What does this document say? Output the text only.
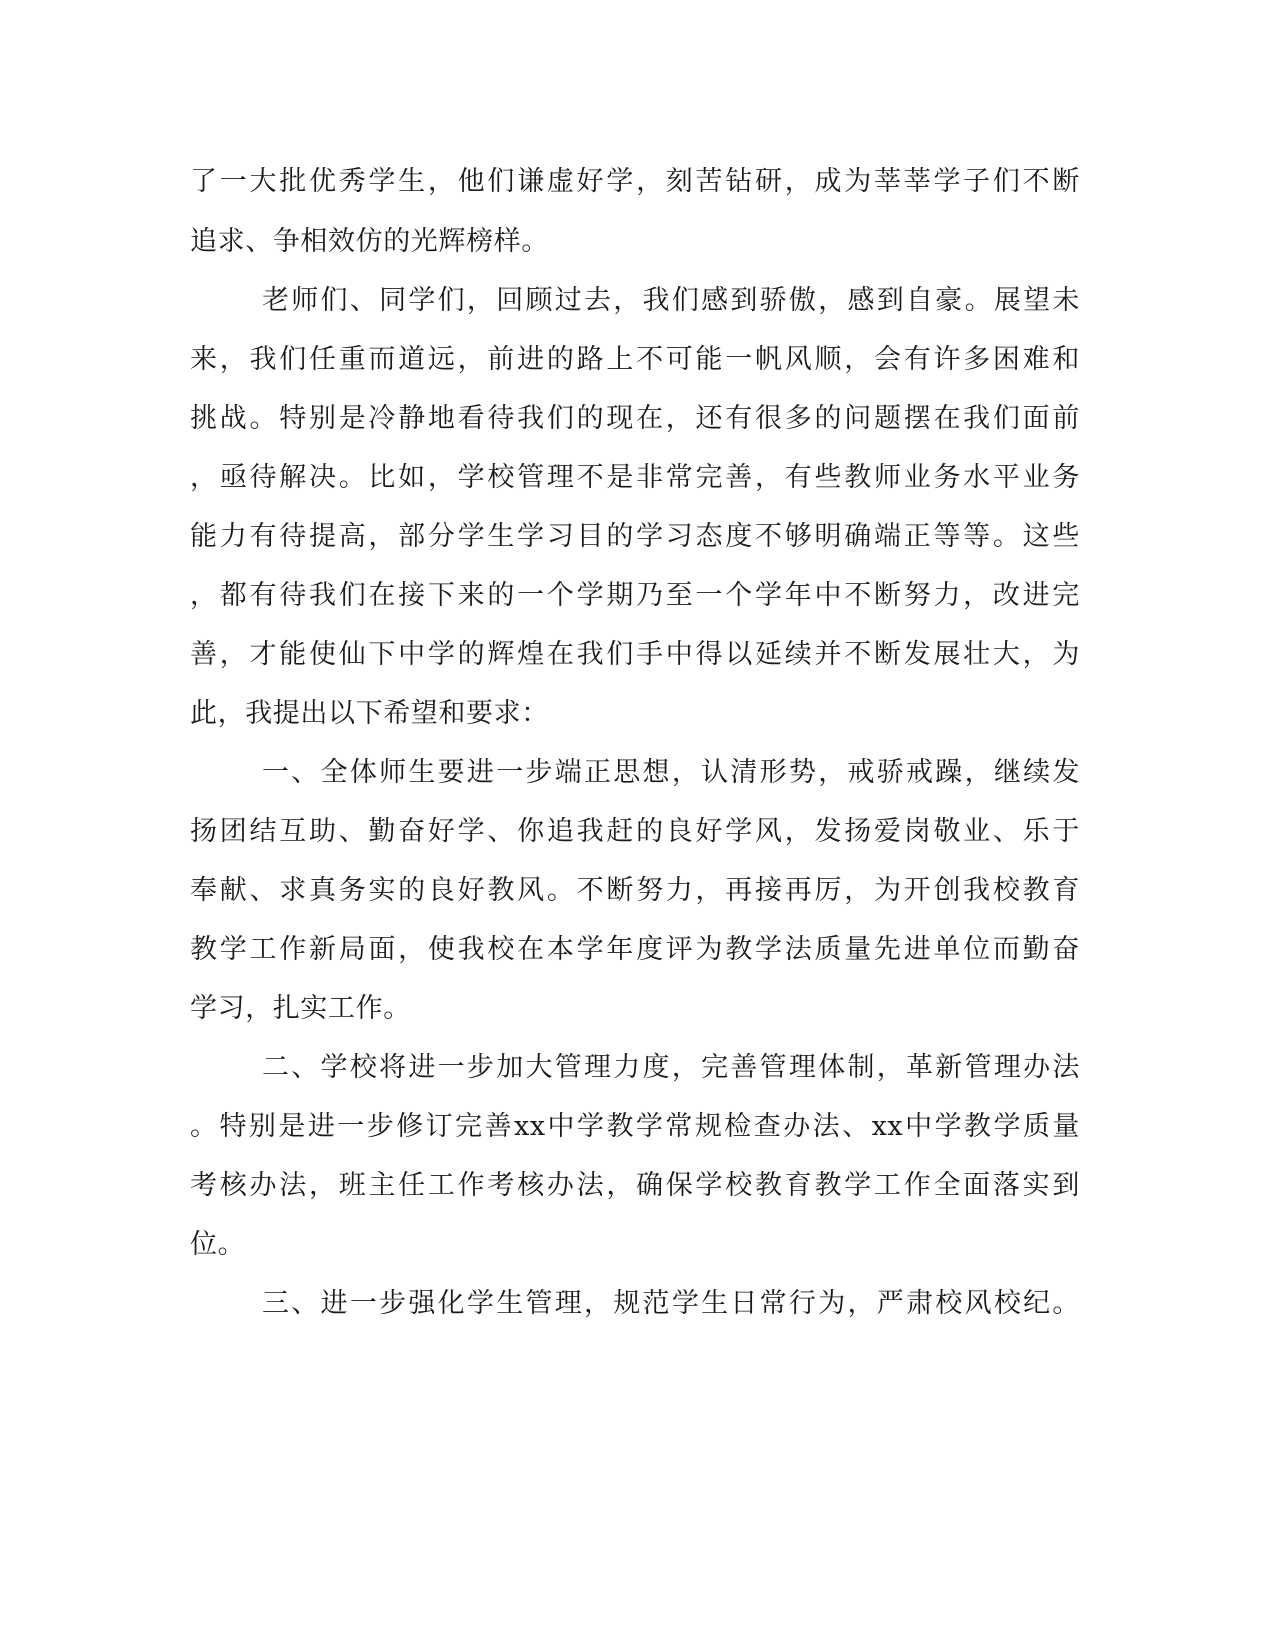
了一大批优秀学生，他们谦虚好学，刻苦钻研，成为莘莘学子们不断
追求、争相效仿的光辉榜样。
老师们、同学们，回顾过去，我们感到骄傲，感到自豪。展望未
来，我们任重而道远，前进的路上不可能一帆风顺，会有许多困难和
挑战。特别是冷静地看待我们的现在，还有很多的问题摆在我们面前
，亟待解决。比如，学校管理不是非常完善，有些教师业务水平业务
能力有待提高，部分学生学习目的学习态度不够明确端正等等。这些
，都有待我们在接下来的一个学期乃至一个学年中不断努力，改进完
善，才能使仙下中学的辉煌在我们手中得以延续并不断发展壮大，为
此，我提出以下希望和要求：
一、全体师生要进一步端正思想，认清形势，戒骄戒躁，继续发
扬团结互助、勤奋好学、你追我赶的良好学风，发扬爱岗敬业、乐于
奉献、求真务实的良好教风。不断努力，再接再厉，为开创我校教育
教学工作新局面，使我校在本学年度评为教学法质量先进单位而勤奋
学习，扎实工作。
二、学校将进一步加大管理力度，完善管理体制，革新管理办法
。特别是进一步修订完善xx中学教学常规检查办法、xx中学教学质量
考核办法，班主任工作考核办法，确保学校教育教学工作全面落实到
位。
三、进一步强化学生管理，规范学生日常行为，严肃校风校纪。
